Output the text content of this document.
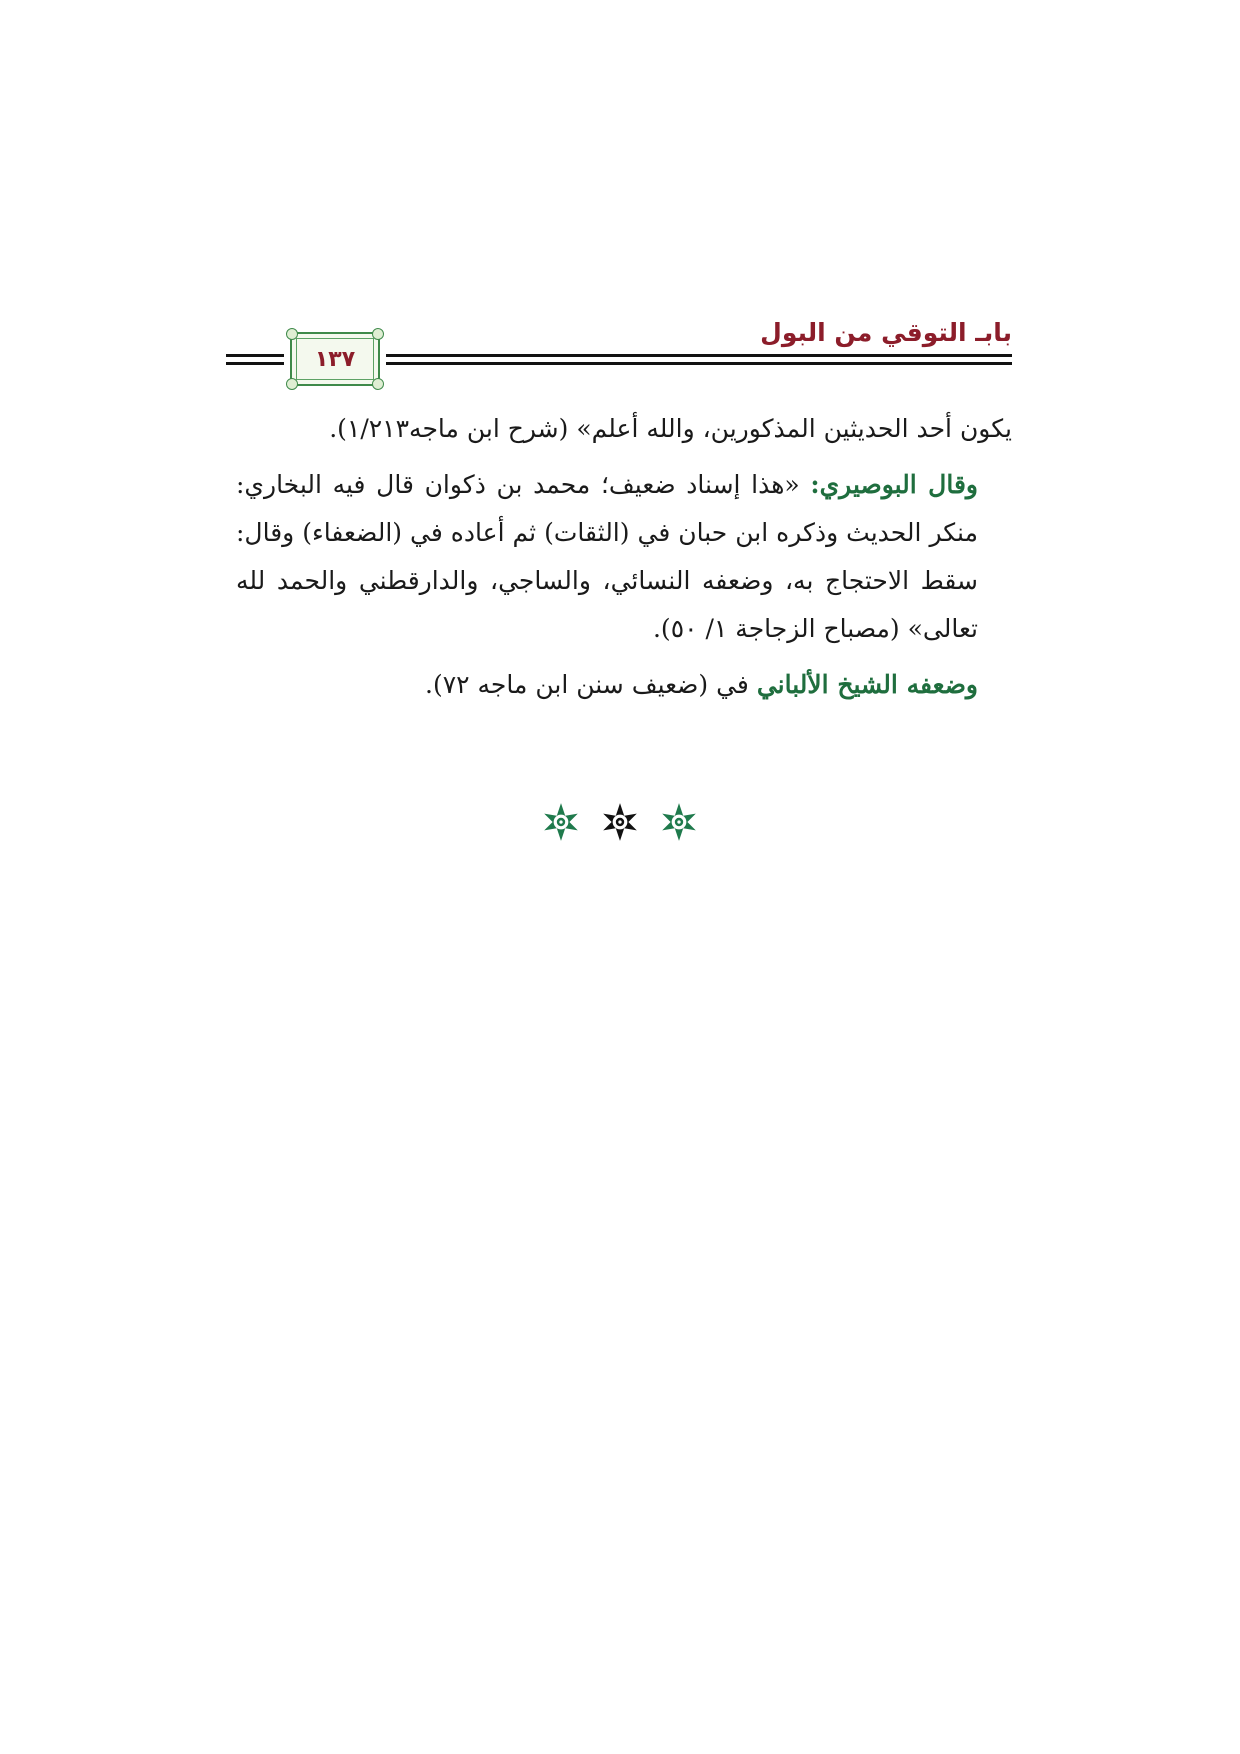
بابـ التوقي من البول
١٣٧

يكون أحد الحديثين المذكورين، والله أعلم» (شرح ابن ماجه١/٢١٣).

وقال البوصيري: «هذا إسناد ضعيف؛ محمد بن ذكوان قال فيه البخاري: منكر الحديث وذكره ابن حبان في (الثقات) ثم أعاده في (الضعفاء) وقال: سقط الاحتجاج به، وضعفه النسائي، والساجي، والدارقطني والحمد لله تعالى» (مصباح الزجاجة ١/ ٥٠).

وضعفه الشيخ الألباني في (ضعيف سنن ابن ماجه ٧٢).
